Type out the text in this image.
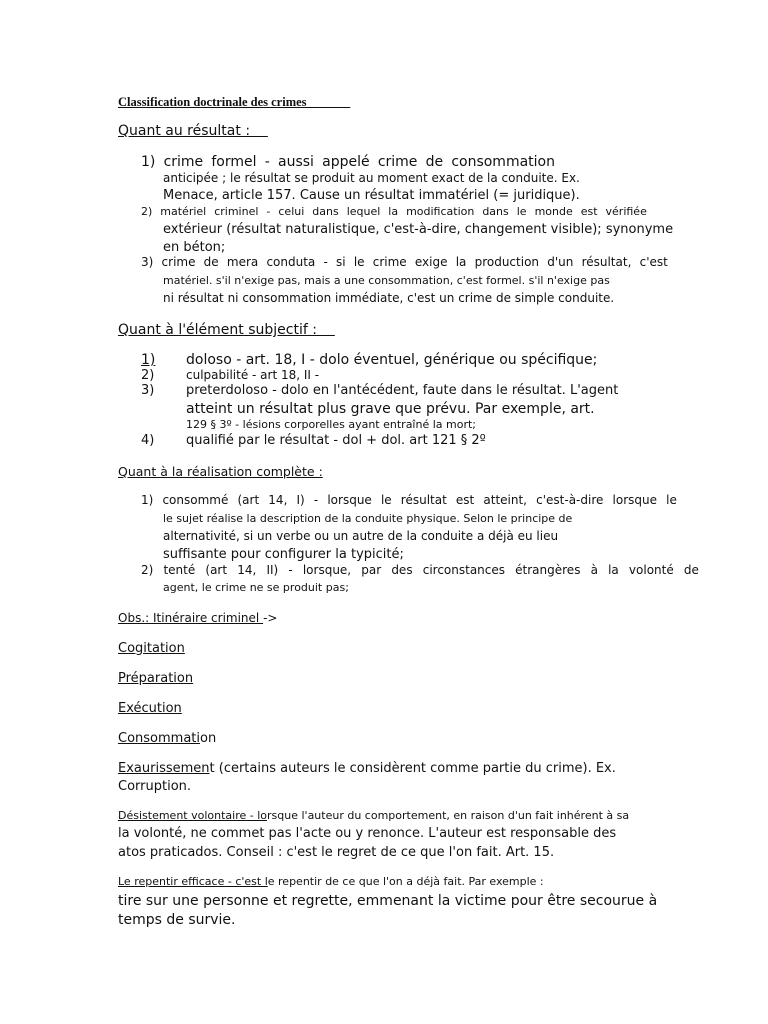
Classification doctrinale des crimes
Quant au résultat :
1) crime formel - aussi appelé crime de consommation
anticipée ; le résultat se produit au moment exact de la conduite. Ex.
Menace, article 157. Cause un résultat immatériel (= juridique).
2) matériel criminel - celui dans lequel la modification dans le monde est vérifiée
extérieur (résultat naturalistique, c'est-à-dire, changement visible); synonyme
en béton;
3) crime de mera conduta - si le crime exige la production d'un résultat, c'est
matériel. s'il n'exige pas, mais a une consommation, c'est formel. s'il n'exige pas
ni résultat ni consommation immédiate, c'est un crime de simple conduite.
Quant à l'élément subjectif :
1) doloso - art. 18, I - dolo éventuel, générique ou spécifique;
2)	culpabilité - art 18, II -
3) preterdoloso - dolo en l'antécédent, faute dans le résultat. L'agent
atteint un résultat plus grave que prévu. Par exemple, art.
129 § 3º - lésions corporelles ayant entraîné la mort;
4) qualifié par le résultat - dol + dol. art 121 § 2º
Quant à la réalisation complète :
1) consommé (art 14, I) - lorsque le résultat est atteint, c'est-à-dire lorsque le
le sujet réalise la description de la conduite physique. Selon le principe de
alternativité, si un verbe ou un autre de la conduite a déjà eu lieu
suffisante pour configurer la typicité;
2) tenté (art 14, II) - lorsque, par des circonstances étrangères à la volonté de
agent, le crime ne se produit pas;
Obs.: Itinéraire criminel ->
Cogitation
Préparation
Exécution
Consommation
Exaurissement (certains auteurs le considèrent comme partie du crime). Ex.
Corruption.
Désistement volontaire - lorsque l'auteur du comportement, en raison d'un fait inhérent à sa
la volonté, ne commet pas l'acte ou y renonce. L'auteur est responsable des
atos praticados. Conseil : c'est le regret de ce que l'on fait. Art. 15.
Le repentir efficace - c'est le repentir de ce que l'on a déjà fait. Par exemple :
tire sur une personne et regrette, emmenant la victime pour être secourue à
temps de survie.
